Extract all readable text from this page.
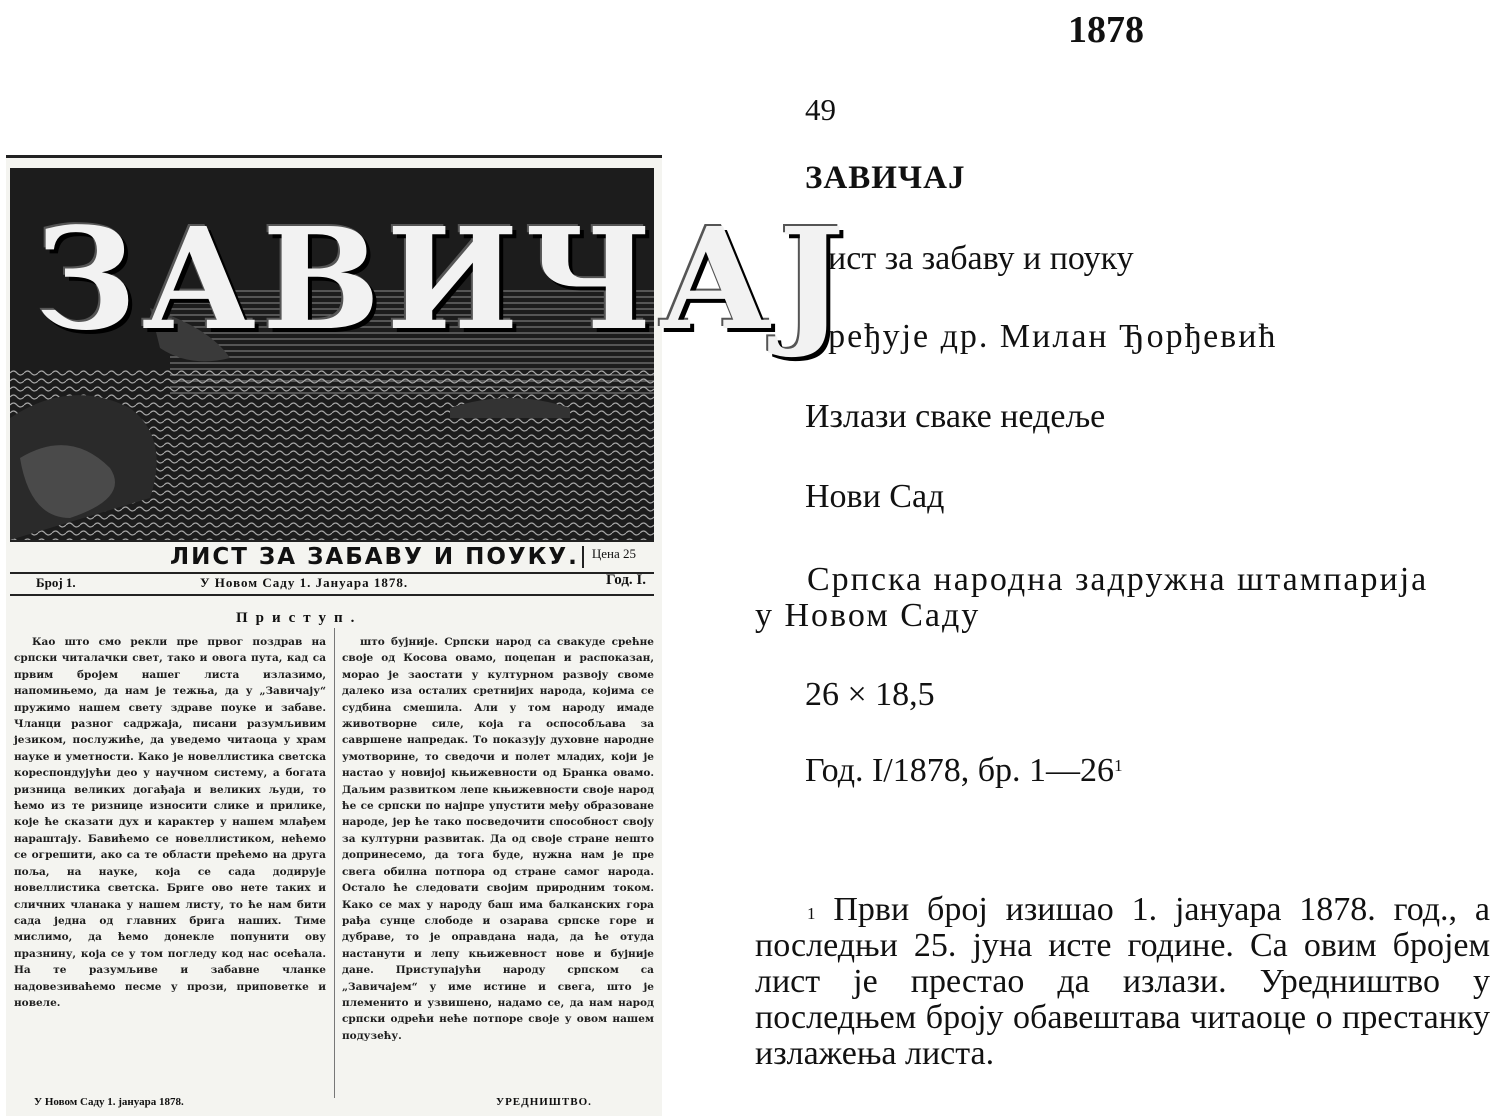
1878
49
ЗАВИЧАЈ
Лист за забаву и поуку
Уређује др. Милан Ђорђевић
Излази сваке недеље
Нови Сад
Српска народна задружна штампарија у Новом Саду
26 × 18,5
Год. I/1878, бр. $1—26^1$
$^1$ Први број изишао 1. јануара 1878. год., а последњи 25. јуна исте године. Са овим бројем лист је престао да излази. Уредништво у последњем броју обавештава читаоце о престанку излажења листа.
ЗАВИЧАЈ
ЛИСТ ЗА ЗАБАВУ И ПОУКУ. Цена 25
Број 1.	У Новом Саду 1. Јануара 1878.	Год. I.
Приступ.

Као што смо рекли пре првог поздрав на српски читалачки свет, тако и овога пута, кад са првим бројем нашег листа излазимо, напомињемо, да нам је тежња, да у „Завичају“ пружимо нашем свету здраве поуке и забаве. Чланци разног садржаја, писани разумљивим језиком, послужиће, да уведемо читаоца у храм науке и уметности. Како је новеллистика светска кореспондујући део у научном систему, а богата ризница великих догађаја и великих људи, то ћемо из те ризнице износити слике и прилике, које ће сказати дух и карактер у нашем млађем нараштају. Бавићемо се новеллистиком, нећемо се огрешити, ако са те области прећемо на друга поља, на науке, која се сада додирује новеллистика светска. Бриге ово нете таких и сличних чланака у нашем листу, то ће нам бити сада једна од главних брига наших. Тиме мислимо, да ћемо донекле попунити ову празнину, која се у том погледу код нас осећала. На те разумљиве и забавне чланке надовезиваћемо песме у прози, приповетке и новеле.

што бујније. Српски народ са свакуде срећне своје од Косова овамо, поцепан и распоказан, морао је заостати у културном развоју своме далеко иза осталих сретнијих народа, којима се судбина смешила. Али у том народу имаде животворне силе, која га оспособљава за савршене напредак. То показују духовне народне умотворине, то сведочи и полет младих, који је настао у новијој књижевности од Бранка овамо. Даљим развитком лепе књижевности своје народ ће се српски по најпре упустити међу образоване народе, јер ће тако посведочити способност своју за културни развитак. Да од своје стране нешто допринесемо, да тога буде, нужна нам је пре свега обилна потпора од стране самог народа. Остало ће следовати својим природним током. Како се мах у народу баш има балканских гора рађа сунце слободе и озарава српске горе и дубраве, то је оправдана нада, да ће отуда настанути и лепу књижевност нове и бујније дане. Приступајући народу српском са „Завичајем“ у име истине и свега, што је племенито и узвишено, надамо се, да нам народ српски одрећи неће потпоре своје у овом нашем подузећу.

У Новом Саду 1. јануара 1878.	УРЕДНИШТВО.
